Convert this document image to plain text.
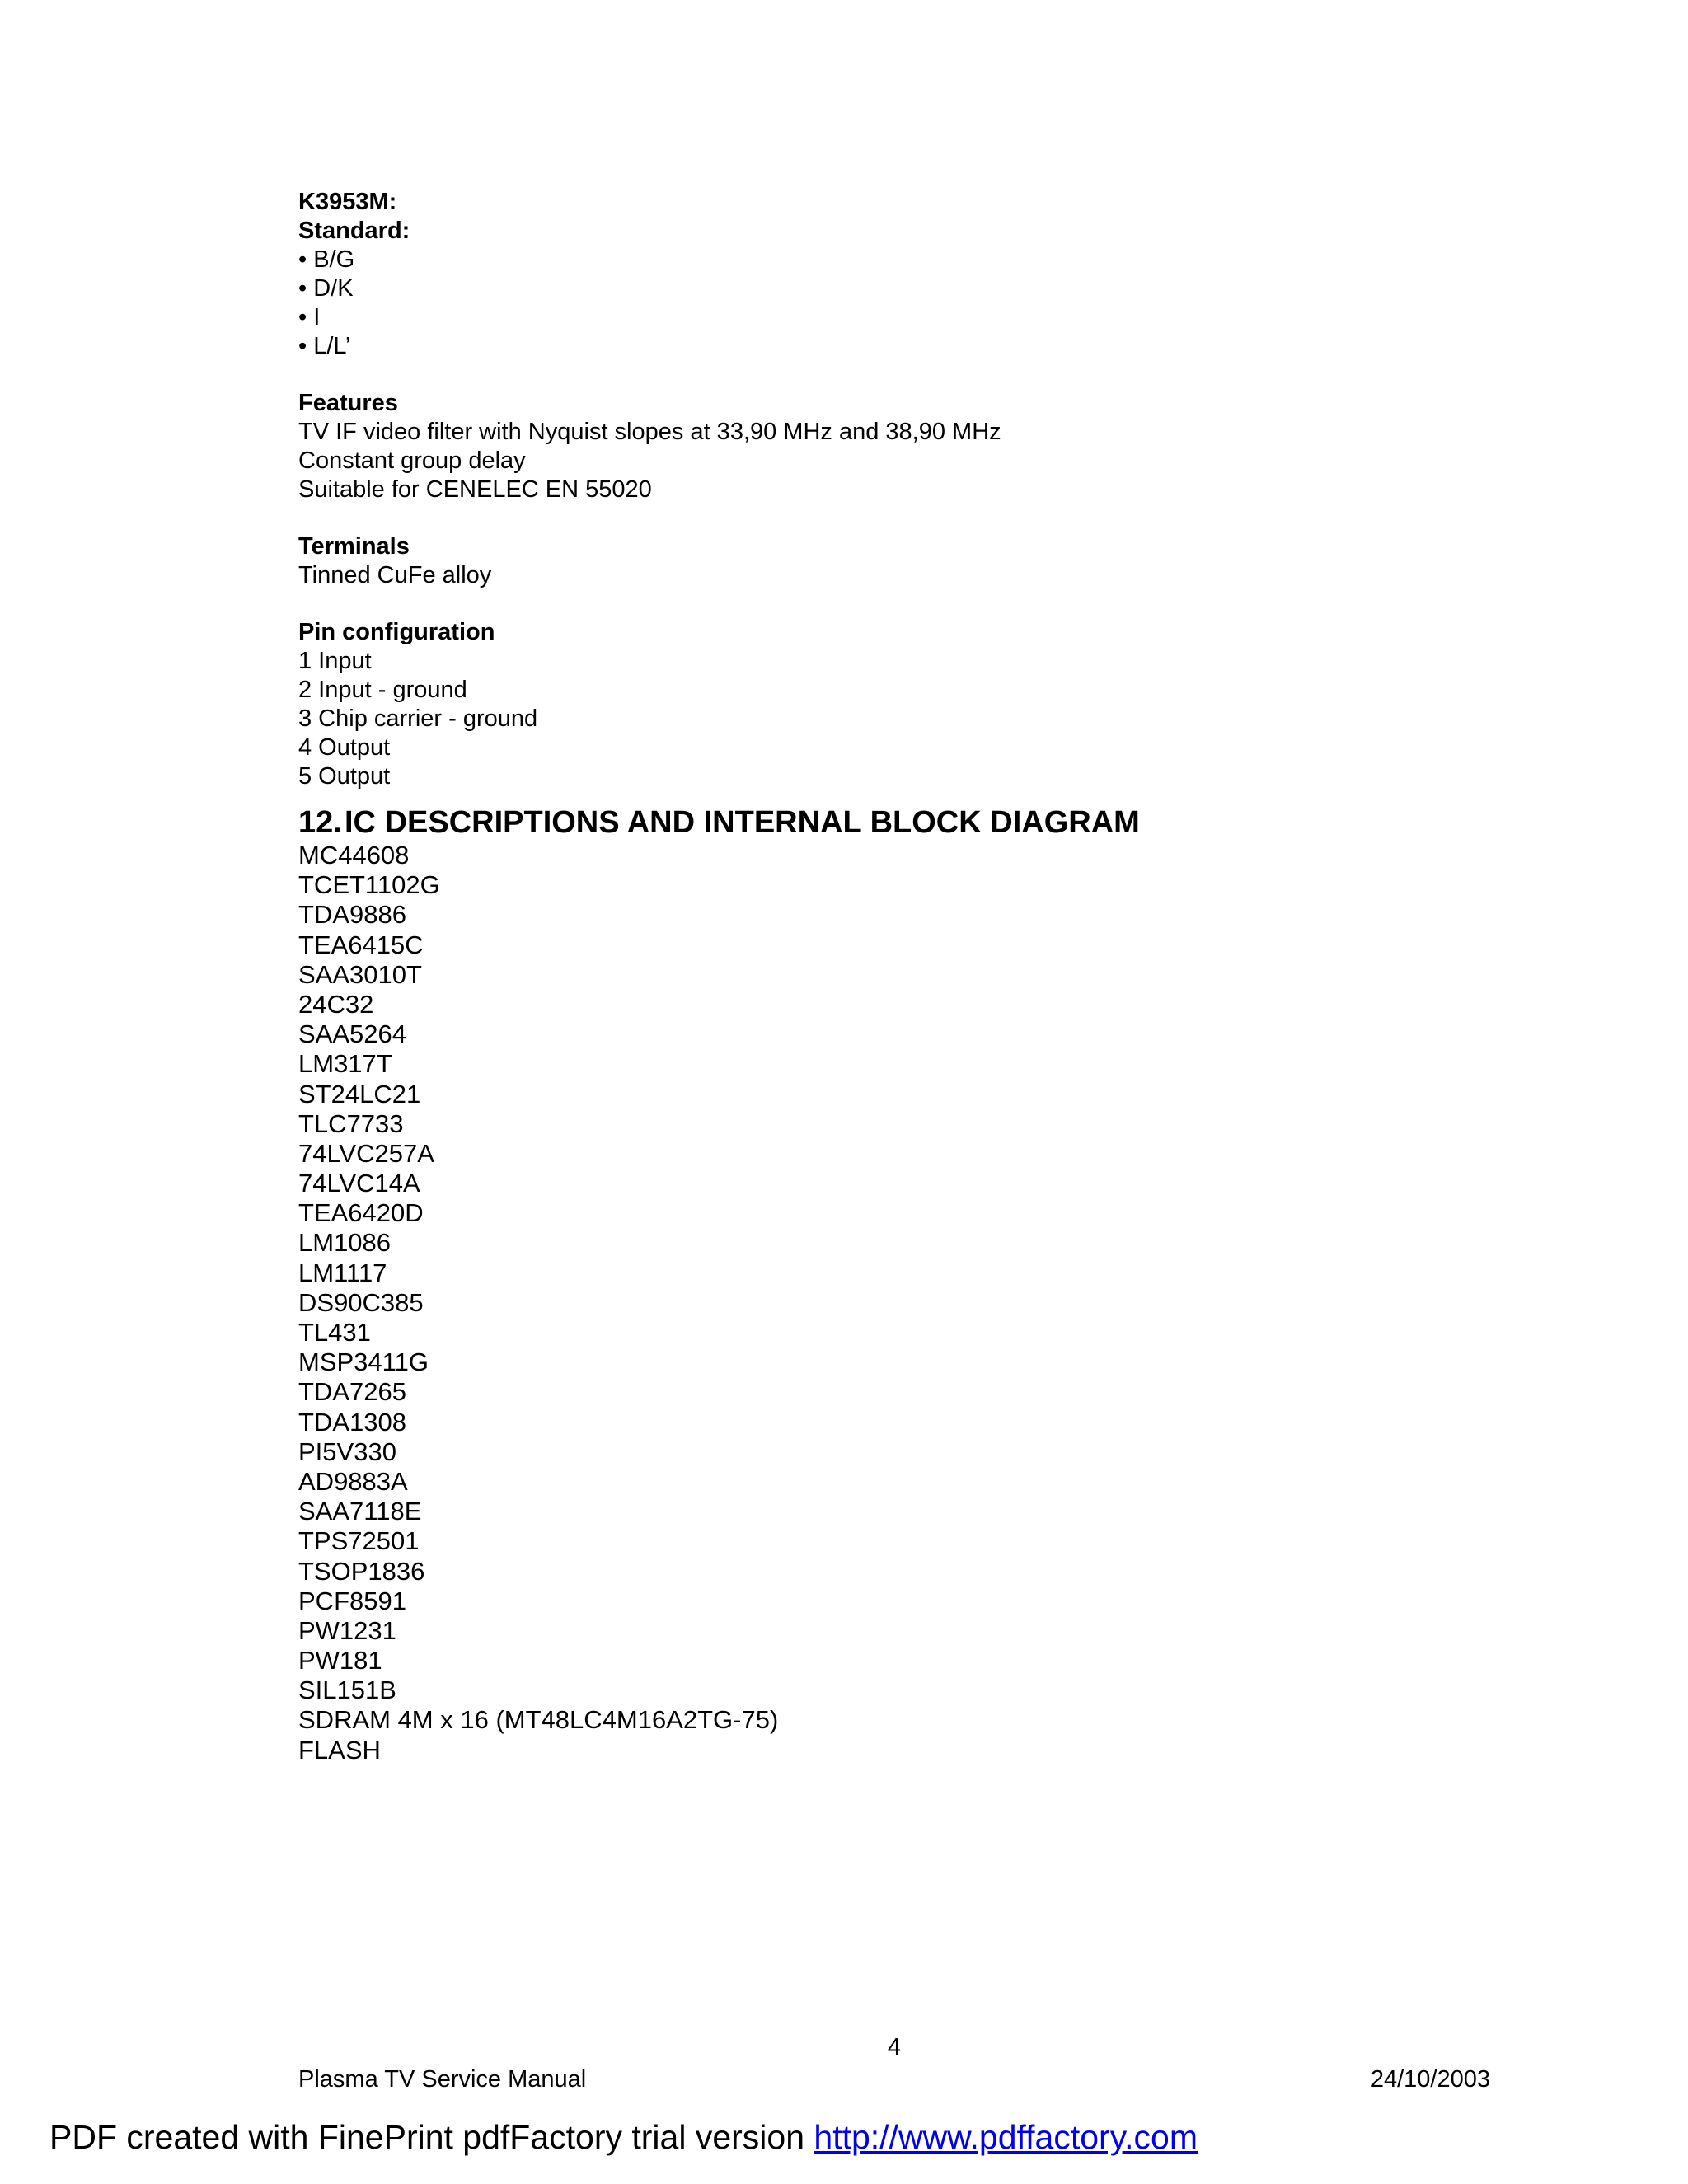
K3953M:
Standard:
• B/G
• D/K
• I
• L/L’
Features
TV IF video filter with Nyquist slopes at 33,90 MHz and 38,90 MHz
Constant group delay
Suitable for CENELEC EN 55020
Terminals
Tinned CuFe alloy
Pin configuration
1 Input
2 Input - ground
3 Chip carrier - ground
4 Output
5 Output
12.IC DESCRIPTIONS AND INTERNAL BLOCK DIAGRAM
MC44608
TCET1102G
TDA9886
TEA6415C
SAA3010T
24C32
SAA5264
LM317T
ST24LC21
TLC7733
74LVC257A
74LVC14A
TEA6420D
LM1086
LM1117
DS90C385
TL431
MSP3411G
TDA7265
TDA1308
PI5V330
AD9883A
SAA7118E
TPS72501
TSOP1836
PCF8591
PW1231
PW181
SIL151B
SDRAM 4M x 16 (MT48LC4M16A2TG-75)
FLASH
4
Plasma TV Service Manual	24/10/2003
PDF created with FinePrint pdfFactory trial version http://www.pdffactory.com
